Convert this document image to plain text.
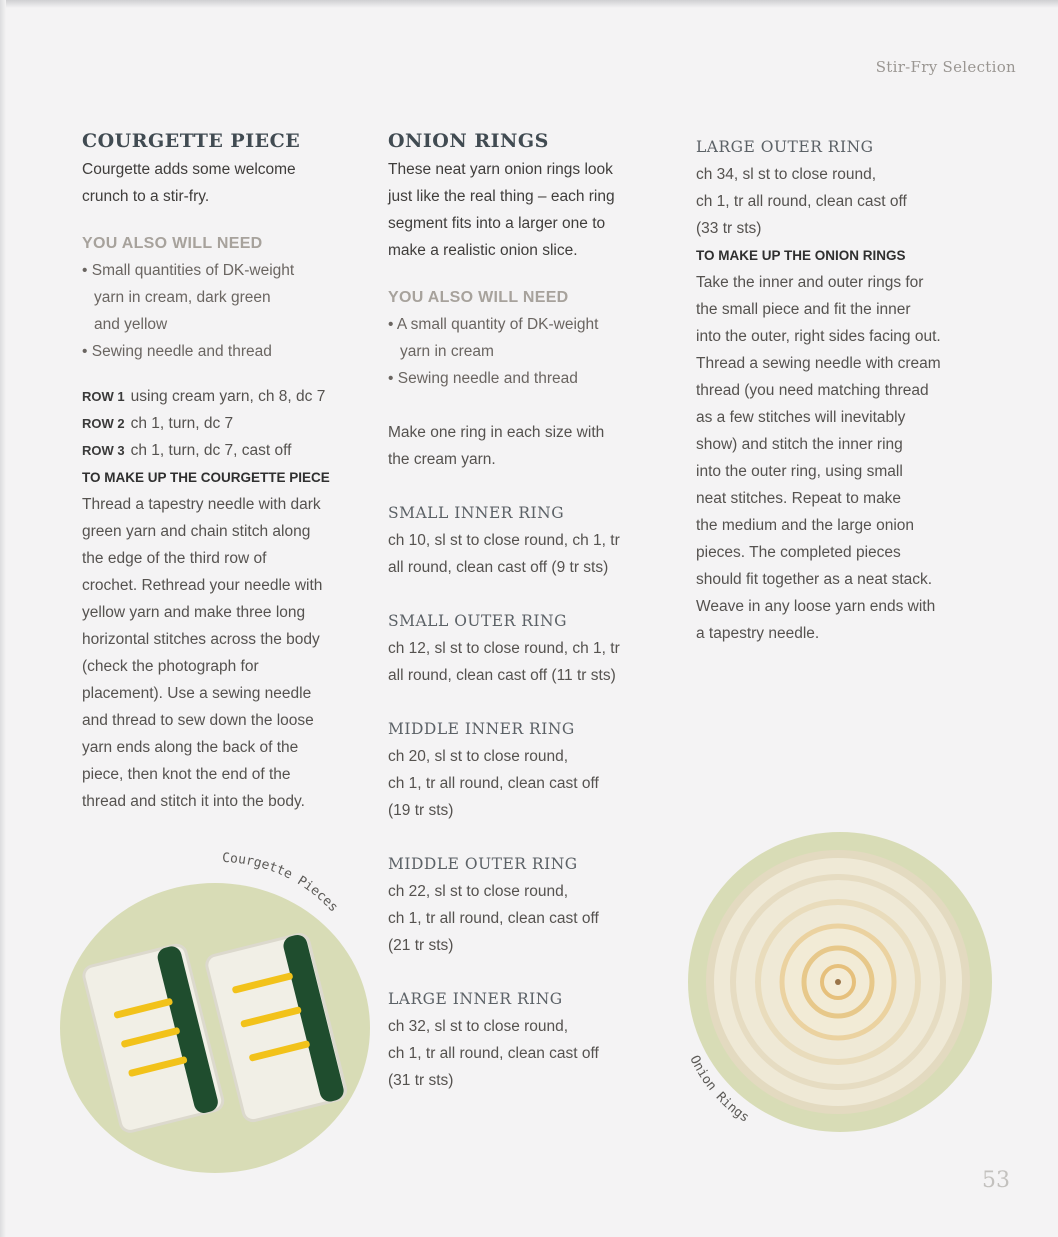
Stir-Fry Selection
COURGETTE PIECE

Courgette adds some welcome

crunch to a stir-fry.

YOU ALSO WILL NEED
• Small quantities of DK-weight
yarn in cream, dark green
and yellow
• Sewing needle and thread
ROW 1 using cream yarn, ch 8, dc 7
ROW 2 ch 1, turn, dc 7
ROW 3 ch 1, turn, dc 7, cast off
TO MAKE UP THE COURGETTE PIECE

Thread a tapestry needle with dark

green yarn and chain stitch along

the edge of the third row of

crochet. Rethread your needle with

yellow yarn and make three long

horizontal stitches across the body

(check the photograph for

placement). Use a sewing needle

and thread to sew down the loose

yarn ends along the back of the

piece, then knot the end of the

thread and stitch it into the body.

ONION RINGS

These neat yarn onion rings look

just like the real thing – each ring

segment fits into a larger one to

make a realistic onion slice.

YOU ALSO WILL NEED
• A small quantity of DK-weight
yarn in cream
• Sewing needle and thread

Make one ring in each size with

the cream yarn.

SMALL INNER RING

ch 10, sl st to close round, ch 1, tr

all round, clean cast off (9 tr sts)

SMALL OUTER RING

ch 12, sl st to close round, ch 1, tr

all round, clean cast off (11 tr sts)

MIDDLE INNER RING

ch 20, sl st to close round,

ch 1, tr all round, clean cast off

(19 tr sts)

MIDDLE OUTER RING

ch 22, sl st to close round,

ch 1, tr all round, clean cast off

(21 tr sts)

LARGE INNER RING

ch 32, sl st to close round,

ch 1, tr all round, clean cast off

(31 tr sts)

LARGE OUTER RING

ch 34, sl st to close round,

ch 1, tr all round, clean cast off

(33 tr sts)

TO MAKE UP THE ONION RINGS

Take the inner and outer rings for

the small piece and fit the inner

into the outer, right sides facing out.

Thread a sewing needle with cream

thread (you need matching thread

as a few stitches will inevitably

show) and stitch the inner ring

into the outer ring, using small

neat stitches. Repeat to make

the medium and the large onion

pieces. The completed pieces

should fit together as a neat stack.

Weave in any loose yarn ends with

a tapestry needle.

Courgette Pieces
Onion Rings
53
